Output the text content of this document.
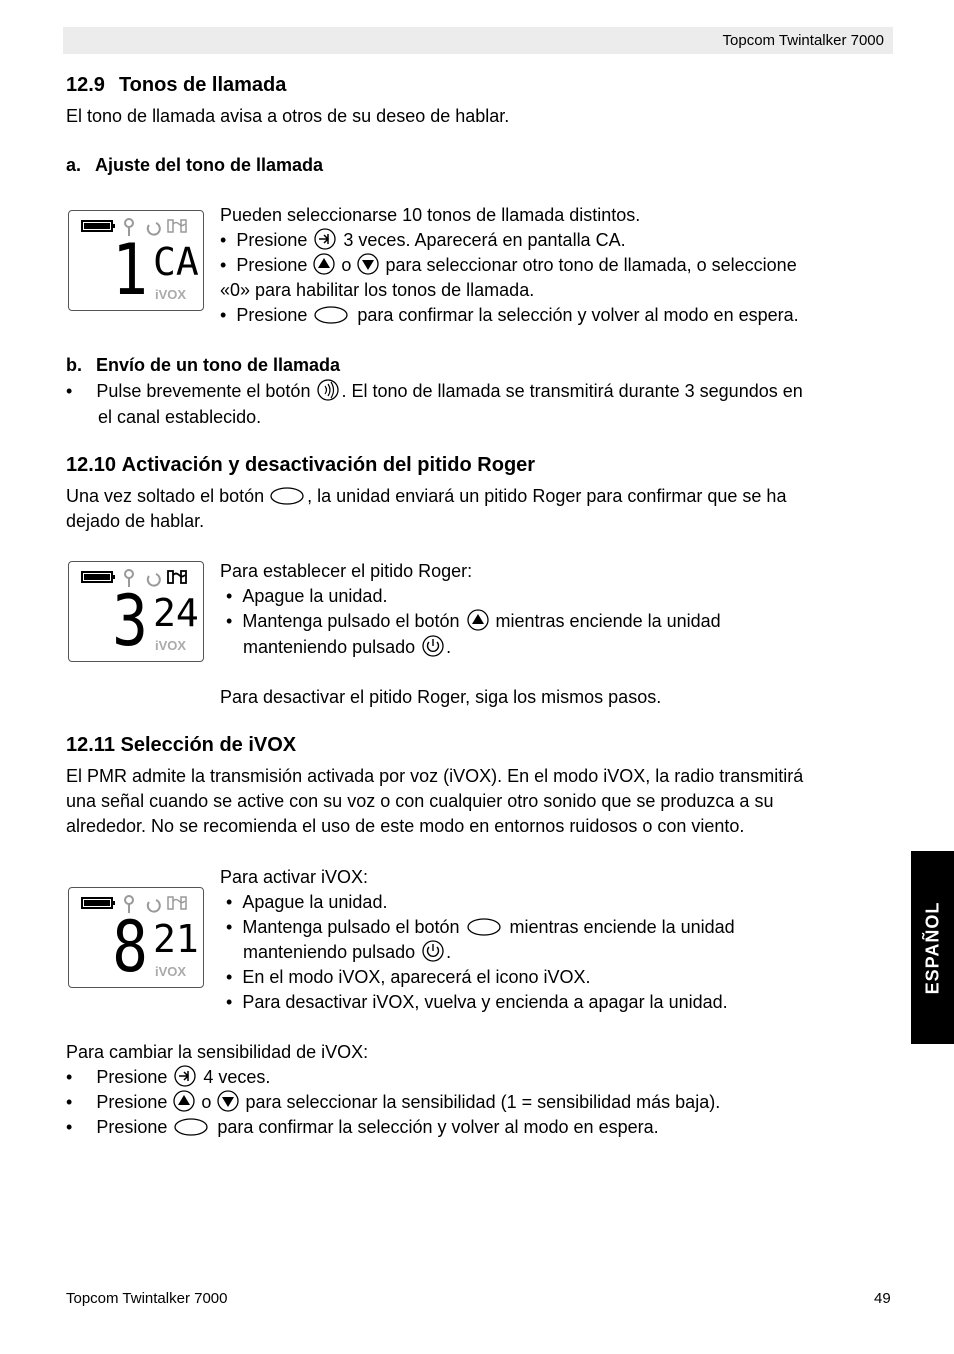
Topcom Twintalker 7000
ESPAÑOL
12.9 Tonos de llamada
El tono de llamada avisa a otros de su deseo de hablar.
a. Ajuste del tono de llamada
1 CA
iVOX
Pueden seleccionarse 10 tonos de llamada distintos.
• Presione 3 veces. Aparecerá en pantalla CA.
• Presione o para seleccionar otro tono de llamada, o seleccione
«0» para habilitar los tonos de llamada.
• Presione	para confirmar la selección y volver al modo en espera.
b. Envío de un tono de llamada
• Pulse brevemente el botón . El tono de llamada se transmitirá durante 3 segundos en
el canal establecido.
12.10 Activación y desactivación del pitido Roger
Una vez soltado el botón , la unidad enviará un pitido Roger para confirmar que se ha
dejado de hablar.
3 24
iVOX
Para establecer el pitido Roger:
• Apague la unidad.
• Mantenga pulsado el botón mientras enciende la unidad
manteniendo pulsado .
Para desactivar el pitido Roger, siga los mismos pasos.
12.11 Selección de iVOX
El PMR admite la transmisión activada por voz (iVOX). En el modo iVOX, la radio transmitirá
una señal cuando se active con su voz o con cualquier otro sonido que se produzca a su
alrededor. No se recomienda el uso de este modo en entornos ruidosos o con viento.
8 21
iVOX
Para activar iVOX:
• Apague la unidad.
• Mantenga pulsado el botón	mientras enciende la unidad
manteniendo pulsado .
• En el modo iVOX, aparecerá el icono iVOX.
• Para desactivar iVOX, vuelva y encienda a apagar la unidad.
Para cambiar la sensibilidad de iVOX:
• Presione 4 veces.
• Presione o para seleccionar la sensibilidad (1 = sensibilidad más baja).
• Presione	para confirmar la selección y volver al modo en espera.
Topcom Twintalker 7000	49
